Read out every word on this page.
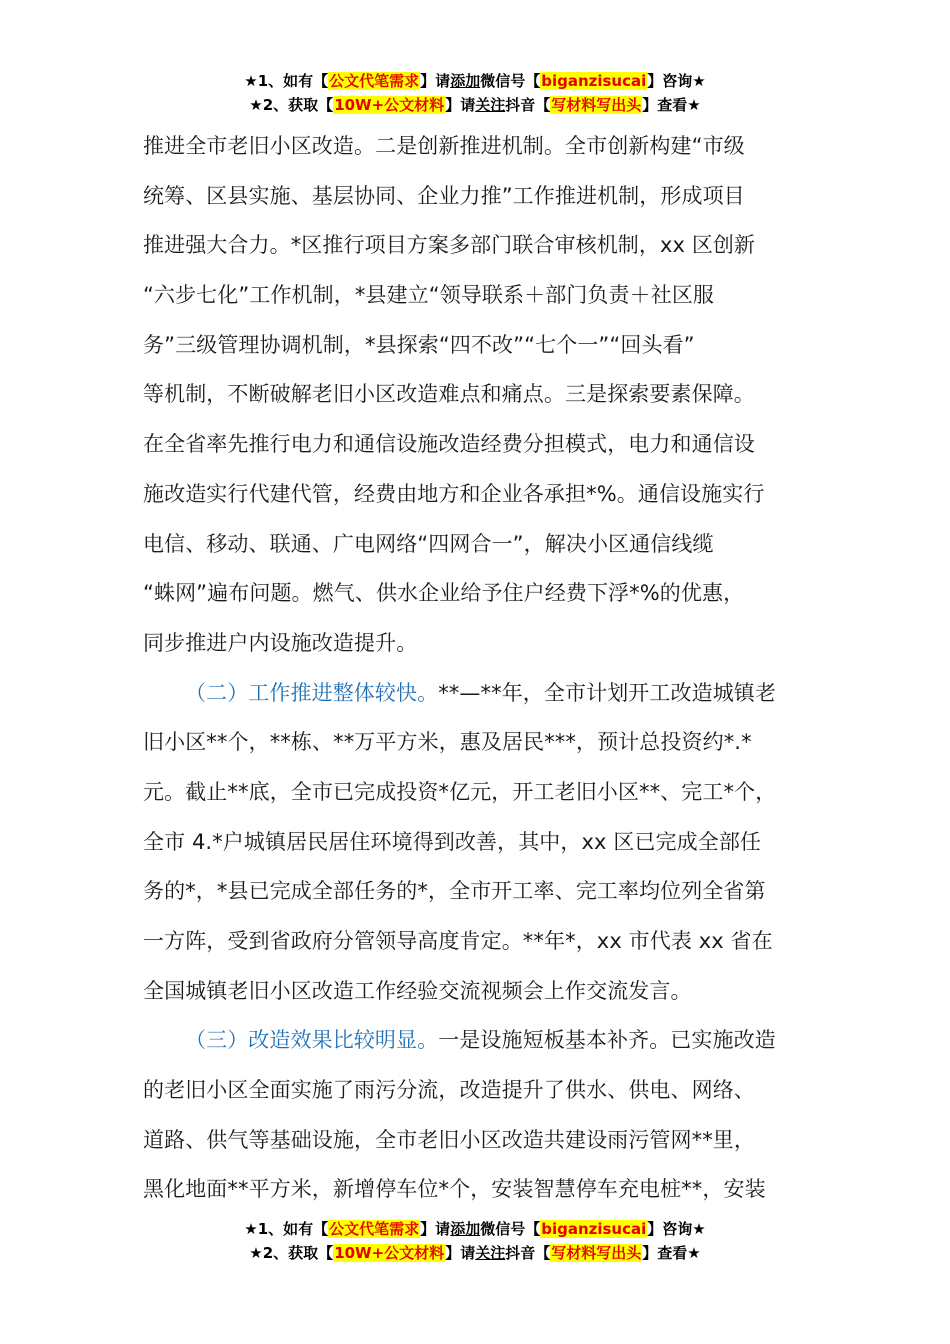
★1、如有【公文代笔需求】请添加微信号【biganzisucai】咨询★
★2、获取【10W+公文材料】请关注抖音【写材料写出头】查看★
推进全市老旧小区改造。二是创新推进机制。全市创新构建“市级
统筹、区县实施、基层协同、企业力推”工作推进机制，形成项目
推进强大合力。*区推行项目方案多部门联合审核机制，xx 区创新
“六步七化”工作机制，*县建立“领导联系＋部门负责＋社区服
务”三级管理协调机制，*县探索“四不改”“七个一”“回头看”
等机制，不断破解老旧小区改造难点和痛点。三是探索要素保障。
在全省率先推行电力和通信设施改造经费分担模式，电力和通信设
施改造实行代建代管，经费由地方和企业各承担*%。通信设施实行
电信、移动、联通、广电网络“四网合一”，解决小区通信线缆
“蛛网”遍布问题。燃气、供水企业给予住户经费下浮*%的优惠，
同步推进户内设施改造提升。
（二）工作推进整体较快。**—**年，全市计划开工改造城镇老
旧小区**个，**栋、**万平方米，惠及居民***，预计总投资约*.*
元。截止**底，全市已完成投资*亿元，开工老旧小区**、完工*个，
全市 4.*户城镇居民居住环境得到改善，其中，xx 区已完成全部任
务的*，*县已完成全部任务的*，全市开工率、完工率均位列全省第
一方阵，受到省政府分管领导高度肯定。**年*，xx 市代表 xx 省在
全国城镇老旧小区改造工作经验交流视频会上作交流发言。
（三）改造效果比较明显。一是设施短板基本补齐。已实施改造
的老旧小区全面实施了雨污分流，改造提升了供水、供电、网络、
道路、供气等基础设施，全市老旧小区改造共建设雨污管网**里，
黑化地面**平方米，新增停车位*个，安装智慧停车充电桩**，安装
★1、如有【公文代笔需求】请添加微信号【biganzisucai】咨询★
★2、获取【10W+公文材料】请关注抖音【写材料写出头】查看★
